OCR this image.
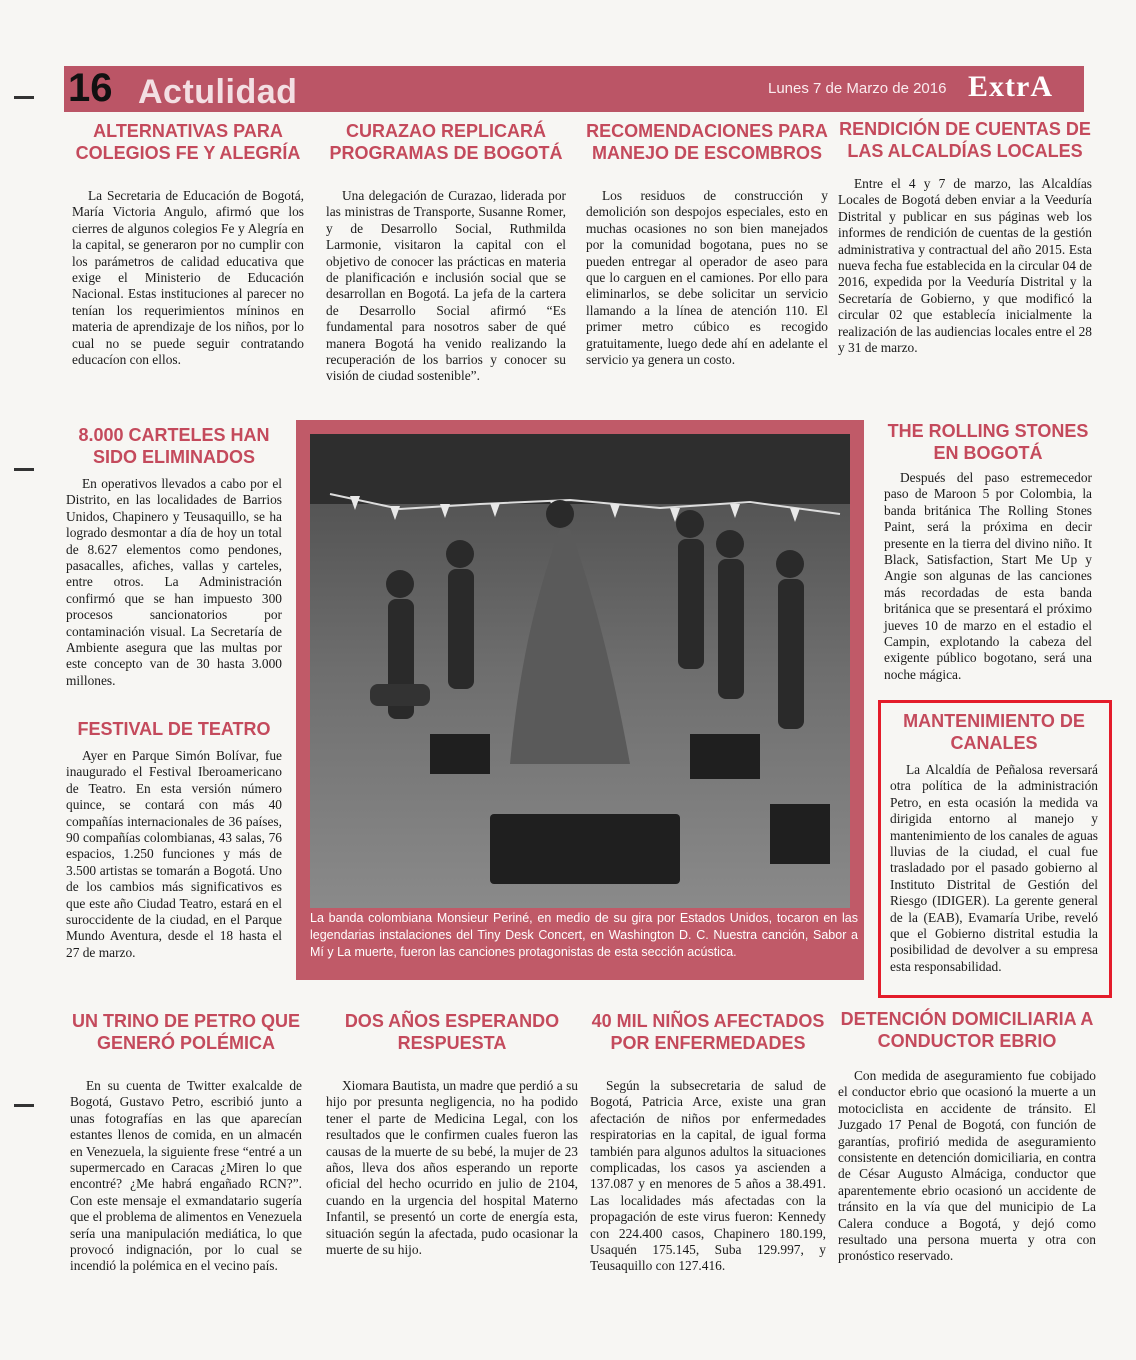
16 Actulidad	Lunes 7 de Marzo de 2016 ExtrA
ALTERNATIVAS PARA COLEGIOS FE Y ALEGRÍA

La Secretaria de Educación de Bogotá, María Victoria Angulo, afirmó que los cierres de algunos colegios Fe y Alegría en la capital, se generaron por no cumplir con los parámetros de calidad educativa que exige el Ministerio de Educación Nacional. Estas instituciones al parecer no tenían los requerimientos míninos en materia de aprendizaje de los niños, por lo cual no se puede seguir contratando educacíon con ellos.

CURAZAO REPLICARÁ PROGRAMAS DE BOGOTÁ

Una delegación de Curazao, liderada por las ministras de Transporte, Susanne Romer, y de Desarrollo Social, Ruthmilda Larmonie, visitaron la capital con el objetivo de conocer las prácticas en materia de planificación e inclusión social que se desarrollan en Bogotá. La jefa de la cartera de Desarrollo Social afirmó “Es fundamental para nosotros saber de qué manera Bogotá ha venido realizando la recuperación de los barrios y conocer su visión de ciudad sostenible”.

RECOMENDACIONES PARA MANEJO DE ESCOMBROS

Los residuos de construcción y demolición son despojos especiales, esto en muchas ocasiones no son bien manejados por la comunidad bogotana, pues no se pueden entregar al operador de aseo para que lo carguen en el camiones. Por ello para eliminarlos, se debe solicitar un servicio llamando a la línea de atención 110. El primer metro cúbico es recogido gratuitamente, luego dede ahí en adelante el servicio ya genera un costo.

RENDICIÓN DE CUENTAS DE LAS ALCALDÍAS LOCALES

Entre el 4 y 7 de marzo, las Alcaldías Locales de Bogotá deben enviar a la Veeduría Distrital y publicar en sus páginas web los informes de rendición de cuentas de la gestión administrativa y contractual del año 2015. Esta nueva fecha fue establecida en la circular 04 de 2016, expedida por la Veeduría Distrital y la Secretaría de Gobierno, y que modificó la circular 02 que establecía inicialmente la realización de las audiencias locales entre el 28 y 31 de marzo.

8.000 CARTELES HAN SIDO ELIMINADOS

En operativos llevados a cabo por el Distrito, en las localidades de Barrios Unidos, Chapinero y Teusaquillo, se ha logrado desmontar a día de hoy un total de 8.627 elementos como pendones, pasacalles, afiches, vallas y carteles, entre otros. La Administración confirmó que se han impuesto 300 procesos sancionatorios por contaminación visual. La Secretaría de Ambiente asegura que las multas por este concepto van de 30 hasta 3.000 millones.

FESTIVAL DE TEATRO

Ayer en Parque Simón Bolívar, fue inaugurado el Festival Iberoamericano de Teatro. En esta versión número quince, se contará con más 40 compañías internacionales de 36 países, 90 compañías colombianas, 43 salas, 76 espacios, 1.250 funciones y más de 3.500 artistas se tomarán a Bogotá. Uno de los cambios más significativos es que este año Ciudad Teatro, estará en el suroccidente de la ciudad, en el Parque Mundo Aventura, desde el 18 hasta el 27 de marzo.

La banda colombiana Monsieur Periné, en medio de su gira por Estados Unidos, tocaron en las legendarias instalaciones del Tiny Desk Concert, en Washington D. C. Nuestra canción, Sabor a Mí y La muerte, fueron las canciones protagonistas de esta sección acústica.
THE ROLLING STONES EN BOGOTÁ

Después del paso estremecedor paso de Maroon 5 por Colombia, la banda británica The Rolling Stones Paint, será la próxima en decir presente en la tierra del divino niño. It Black, Satisfaction, Start Me Up y Angie son algunas de las canciones más recordadas de esta banda británica que se presentará el próximo jueves 10 de marzo en el estadio el Campin, explotando la cabeza del exigente público bogotano, será una noche mágica.

MANTENIMIENTO DE CANALES

La Alcaldía de Peñalosa reversará otra política de la administración Petro, en esta ocasión la medida va dirigida entorno al manejo y mantenimiento de los canales de aguas lluvias de la ciudad, el cual fue trasladado por el pasado gobierno al Instituto Distrital de Gestión del Riesgo (IDIGER). La gerente general de la (EAB), Evamaría Uribe, reveló que el Gobierno distrital estudia la posibilidad de devolver a su empresa esta responsabilidad.

UN TRINO DE PETRO QUE GENERÓ POLÉMICA

En su cuenta de Twitter exalcalde de Bogotá, Gustavo Petro, escribió junto a unas fotografías en las que aparecían estantes llenos de comida, en un almacén en Venezuela, la siguiente frese “entré a un supermercado en Caracas ¿Miren lo que encontré? ¿Me habrá engañado RCN?”. Con este mensaje el exmandatario sugería que el problema de alimentos en Venezuela sería una manipulación mediática, lo que provocó indignación, por lo cual se incendió la polémica en el vecino país.

DOS AÑOS ESPERANDO RESPUESTA

Xiomara Bautista, un madre que perdió a su hijo por presunta negligencia, no ha podido tener el parte de Medicina Legal, con los resultados que le confirmen cuales fueron las causas de la muerte de su bebé, la mujer de 23 años, lleva dos años esperando un reporte oficial del hecho ocurrido en julio de 2104, cuando en la urgencia del hospital Materno Infantil, se presentó un corte de energía esta, situación según la afectada, pudo ocasionar la muerte de su hijo.

40 MIL NIÑOS AFECTADOS POR ENFERMEDADES

Según la subsecretaria de salud de Bogotá, Patricia Arce, existe una gran afectación de niños por enfermedades respiratorias en la capital, de igual forma también para algunos adultos la situaciones complicadas, los casos ya ascienden a 137.087 y en menores de 5 años a 38.491. Las localidades más afectadas con la propagación de este virus fueron: Kennedy con 224.400 casos, Chapinero 180.199, Usaquén 175.145, Suba 129.997, y Teusaquillo con 127.416.

DETENCIÓN DOMICILIARIA A CONDUCTOR EBRIO

Con medida de aseguramiento fue cobijado el conductor ebrio que ocasionó la muerte a un motociclista en accidente de tránsito. El Juzgado 17 Penal de Bogotá, con función de garantías, profirió medida de aseguramiento consistente en detención domiciliaria, en contra de César Augusto Almáciga, conductor que aparentemente ebrio ocasionó un accidente de tránsito en la vía que del municipio de La Calera conduce a Bogotá, y dejó como resultado una persona muerta y otra con pronóstico reservado.
